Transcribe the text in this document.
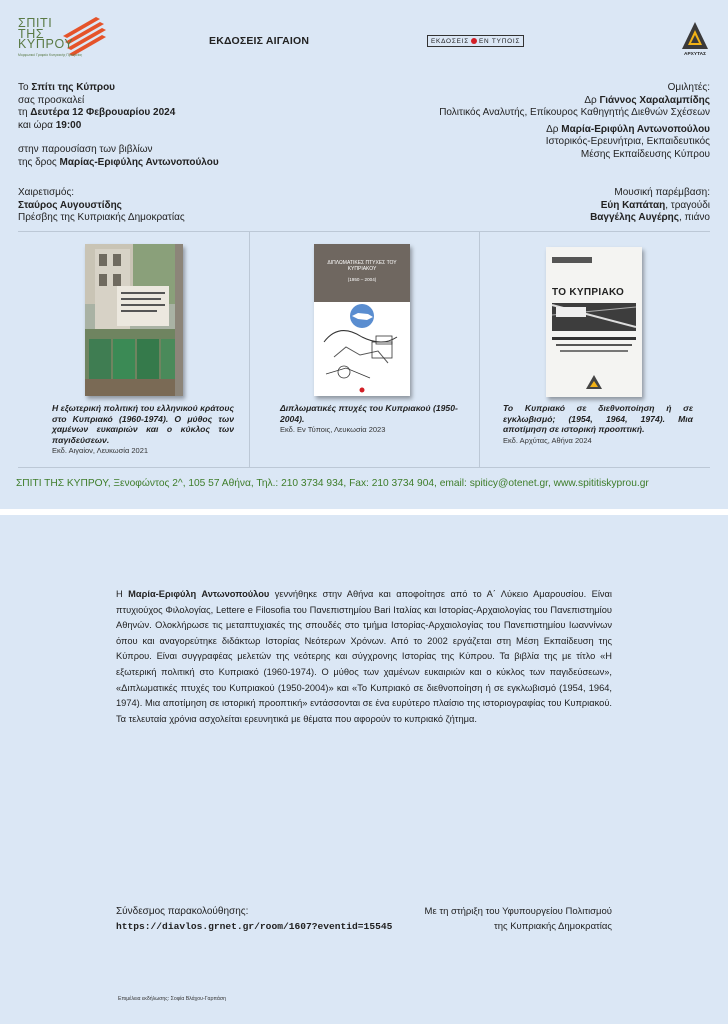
ΣΠΙΤΙ
ΤΗΣ
ΚΥΠΡΟΥ
Μορφωτικό Γραφείο Κυπριακής Πρεσβείας
ΕΚΔΟΣΕΙΣ ΑΙΓΑΙΟΝ	ΕΚΔΟΣΕΙΣ ΕΝ ΤΥΠΟΙΣ
ΑΡΧΥΤΑΣ
Το Σπίτι της Κύπρου
σας προσκαλεί
τη Δευτέρα 12 Φεβρουαρίου 2024
και ώρα 19:00
στην παρουσίαση των βιβλίων
της δρος Μαρίας-Εριφύλης Αντωνοπούλου
Χαιρετισμός:
Σταύρος Αυγουστίδης
Πρέσβης της Κυπριακής Δημοκρατίας
Ομιλητές:
Δρ Γιάννος Χαραλαμπίδης
Πολιτικός Αναλυτής, Επίκουρος Καθηγητής Διεθνών Σχέσεων
Δρ Μαρία-Εριφύλη Αντωνοπούλου
Ιστορικός-Ερευνήτρια, Εκπαιδευτικός
Μέσης Εκπαίδευσης Κύπρου
Μουσική παρέμβαση:
Εύη Καπάταη, τραγούδι
Βαγγέλης Αυγέρης, πιάνο
Η εξωτερική πολιτική του ελληνικού κράτους στο Κυπριακό (1960-1974). Ο μύθος των χαμένων ευκαιριών και ο κύκλος των παγιδεύσεων.
Εκδ. Αιγαίον, Λευκωσία 2021
ΔΙΠΛΩΜΑΤΙΚΕΣ ΠΤΥΧΕΣ ΤΟΥ ΚΥΠΡΙΑΚΟΥ
(1950 – 2004)
Διπλωματικές πτυχές του Κυπριακού (1950-2004).
Εκδ. Εν Τύποις, Λευκωσία 2023
ΤΟ ΚΥΠΡΙΑΚΟ
Το Κυπριακό σε διεθνοποίηση ή σε εγκλωβισμό; (1954, 1964, 1974). Μια αποτίμηση σε ιστορική προοπτική.
Εκδ. Αρχύτας, Αθήνα 2024
ΣΠΙΤΙ ΤΗΣ ΚΥΠΡΟΥ, Ξενοφώντος 2^, 105 57 Αθήνα, Τηλ.: 210 3734 934, Fax: 210 3734 904, email: spiticy@otenet.gr, www.spititiskyprou.gr
Η Μαρία-Εριφύλη Αντωνοπούλου γεννήθηκε στην Αθήνα και αποφοίτησε από το Α΄ Λύκειο Αμαρουσίου. Είναι πτυχιούχος Φιλολογίας, Lettere e Filosofia του Πανεπιστημίου Bari Ιταλίας και Ιστορίας-Αρχαιολογίας του Πανεπιστημίου Αθηνών. Ολοκλήρωσε τις μεταπτυχιακές της σπουδές στο τμήμα Ιστορίας-Αρχαιολογίας του Πανεπιστημίου Ιωαννίνων όπου και αναγορεύτηκε διδάκτωρ Ιστορίας Νεότερων Χρόνων. Από το 2002 εργάζεται στη Μέση Εκπαίδευση της Κύπρου. Είναι συγγραφέας μελετών της νεότερης και σύγχρονης Ιστορίας της Κύπρου. Τα βιβλία της με τίτλο «Η εξωτερική πολιτική στο Κυπριακό (1960-1974). Ο μύθος των χαμένων ευκαιριών και ο κύκλος των παγιδεύσεων», «Διπλωματικές πτυχές του Κυπριακού (1950-2004)» και «Το Κυπριακό σε διεθνοποίηση ή σε εγκλωβισμό (1954, 1964, 1974). Μια αποτίμηση σε ιστορική προοπτική» εντάσσονται σε ένα ευρύτερο πλαίσιο της ιστοριογραφίας του Κυπριακού. Τα τελευταία χρόνια ασχολείται ερευνητικά με θέματα που αφορούν το κυπριακό ζήτημα.
Σύνδεσμος παρακολούθησης:
https://diavlos.grnet.gr/room/1607?eventid=15545
Με τη στήριξη του Υφυπουργείου Πολιτισμού
της Κυπριακής Δημοκρατίας
Επιμέλεια εκδήλωσης: Σοφία Βλάχου-Γαρπάση
